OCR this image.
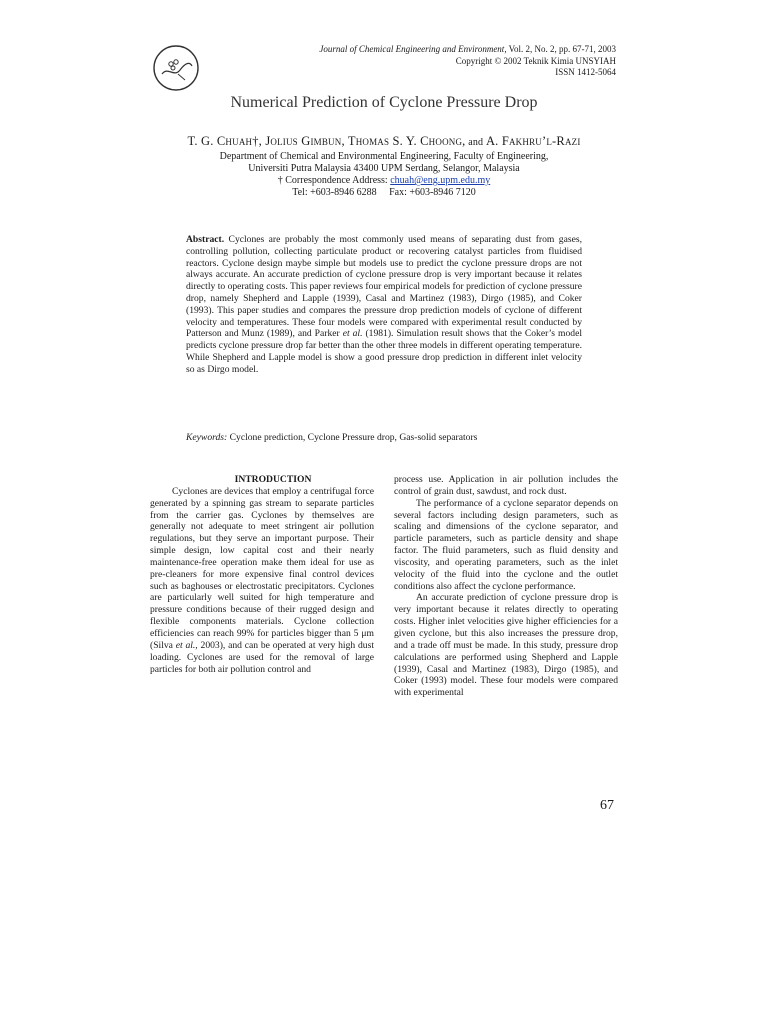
Journal of Chemical Engineering and Environment, Vol. 2, No. 2, pp. 67-71, 2003
Copyright © 2002 Teknik Kimia UNSYIAH
ISSN 1412-5064
Numerical Prediction of Cyclone Pressure Drop
T. G. Chuah†, Jolius Gimbun, Thomas S. Y. Choong, and A. Fakhru’l-Razi
Department of Chemical and Environmental Engineering, Faculty of Engineering,
Universiti Putra Malaysia 43400 UPM Serdang, Selangor, Malaysia
† Correspondence Address: chuah@eng.upm.edu.my
Tel: +603-8946 6288     Fax: +603-8946 7120
Abstract. Cyclones are probably the most commonly used means of separating dust from gases, controlling pollution, collecting particulate product or recovering catalyst particles from fluidised reactors. Cyclone design maybe simple but models use to predict the cyclone pressure drops are not always accurate. An accurate prediction of cyclone pressure drop is very important because it relates directly to operating costs. This paper reviews four empirical models for prediction of cyclone pressure drop, namely Shepherd and Lapple (1939), Casal and Martinez (1983), Dirgo (1985), and Coker (1993). This paper studies and compares the pressure drop prediction models of cyclone of different velocity and temperatures. These four models were compared with experimental result conducted by Patterson and Munz (1989), and Parker et al. (1981). Simulation result shows that the Coker’s model predicts cyclone pressure drop far better than the other three models in different operating temperature. While Shepherd and Lapple model is show a good pressure drop prediction in different inlet velocity so as Dirgo model.
Keywords: Cyclone prediction, Cyclone Pressure drop, Gas-solid separators

INTRODUCTION

Cyclones are devices that employ a centrifugal force generated by a spinning gas stream to separate particles from the carrier gas. Cyclones by themselves are generally not adequate to meet stringent air pollution regulations, but they serve an important purpose. Their simple design, low capital cost and their nearly maintenance-free operation make them ideal for use as pre-cleaners for more expensive final control devices such as baghouses or electrostatic precipitators. Cyclones are particularly well suited for high temperature and pressure conditions because of their rugged design and flexible components materials. Cyclone collection efficiencies can reach 99% for particles bigger than 5 μm (Silva et al., 2003), and can be operated at very high dust loading. Cyclones are used for the removal of large particles for both air pollution control and

process use. Application in air pollution includes the control of grain dust, sawdust, and rock dust.

The performance of a cyclone separator depends on several factors including design parameters, such as scaling and dimensions of the cyclone separator, and particle parameters, such as particle density and shape factor. The fluid parameters, such as fluid density and viscosity, and operating parameters, such as the inlet velocity of the fluid into the cyclone and the outlet conditions also affect the cyclone performance.

An accurate prediction of cyclone pressure drop is very important because it relates directly to operating costs. Higher inlet velocities give higher efficiencies for a given cyclone, but this also increases the pressure drop, and a trade off must be made. In this study, pressure drop calculations are performed using Shepherd and Lapple (1939), Casal and Martinez (1983), Dirgo (1985), and Coker (1993) model. These four models were compared with experimental

67
